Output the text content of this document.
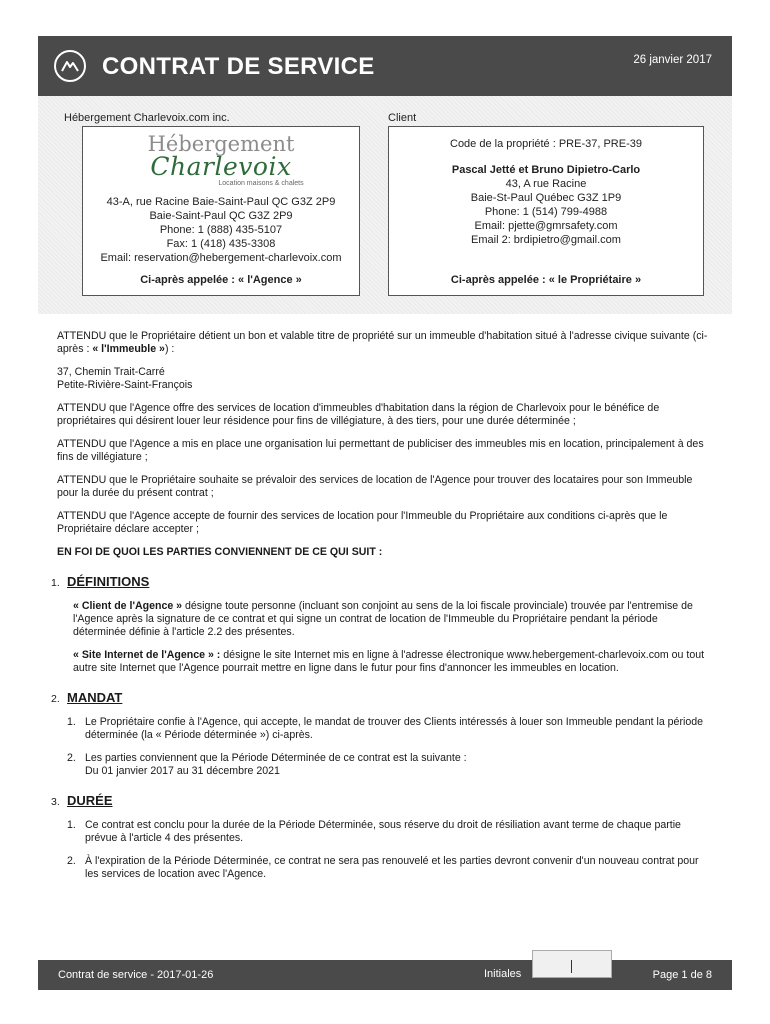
CONTRAT DE SERVICE	26 janvier 2017
Hébergement Charlevoix.com inc.	Client
Hébergement
Charlevoix
Location maisons & chalets
43-A, rue Racine Baie-Saint-Paul QC G3Z 2P9
Baie-Saint-Paul QC G3Z 2P9
Phone: 1 (888) 435-5107
Fax: 1 (418) 435-3308
Email: reservation@hebergement-charlevoix.com
Ci-après appelée : « l'Agence »
Code de la propriété : PRE-37, PRE-39
Pascal Jetté et Bruno Dipietro-Carlo
43, A rue Racine
Baie-St-Paul Québec G3Z 1P9
Phone: 1 (514) 799-4988
Email: pjette@gmrsafety.com
Email 2: brdipietro@gmail.com
Ci-après appelée : « le Propriétaire »

ATTENDU que le Propriétaire détient un bon et valable titre de propriété sur un immeuble d'habitation situé à l'adresse civique suivante (ci-après : « l'Immeuble ») :

37, Chemin Trait-Carré
Petite-Rivière-Saint-François

ATTENDU que l'Agence offre des services de location d'immeubles d'habitation dans la région de Charlevoix pour le bénéfice de propriétaires qui désirent louer leur résidence pour fins de villégiature, à des tiers, pour une durée déterminée ;

ATTENDU que l'Agence a mis en place une organisation lui permettant de publiciser des immeubles mis en location, principalement à des fins de villégiature ;

ATTENDU que le Propriétaire souhaite se prévaloir des services de location de l'Agence pour trouver des locataires pour son Immeuble pour la durée du présent contrat ;

ATTENDU que l'Agence accepte de fournir des services de location pour l'Immeuble du Propriétaire aux conditions ci-après que le Propriétaire déclare accepter ;

EN FOI DE QUOI LES PARTIES CONVIENNENT DE CE QUI SUIT :

1. DÉFINITIONS

« Client de l'Agence » désigne toute personne (incluant son conjoint au sens de la loi fiscale provinciale) trouvée par l'entremise de l'Agence après la signature de ce contrat et qui signe un contrat de location de l'Immeuble du Propriétaire pendant la période déterminée définie à l'article 2.2 des présentes.

« Site Internet de l'Agence » : désigne le site Internet mis en ligne à l'adresse électronique www.hebergement-charlevoix.com ou tout autre site Internet que l'Agence pourrait mettre en ligne dans le futur pour fins d'annoncer les immeubles en location.

2. MANDAT
1. Le Propriétaire confie à l'Agence, qui accepte, le mandat de trouver des Clients intéressés à louer son Immeuble pendant la période déterminée (la « Période déterminée ») ci-après.
2. Les parties conviennent que la Période Déterminée de ce contrat est la suivante :
Du 01 janvier 2017 au 31 décembre 2021
3. DURÉE
1. Ce contrat est conclu pour la durée de la Période Déterminée, sous réserve du droit de résiliation avant terme de chaque partie prévue à l'article 4 des présentes.
2. À l'expiration de la Période Déterminée, ce contrat ne sera pas renouvelé et les parties devront convenir d'un nouveau contrat pour les services de location avec l'Agence.
Contrat de service - 2017-01-26	Initiales	Page 1 de 8
